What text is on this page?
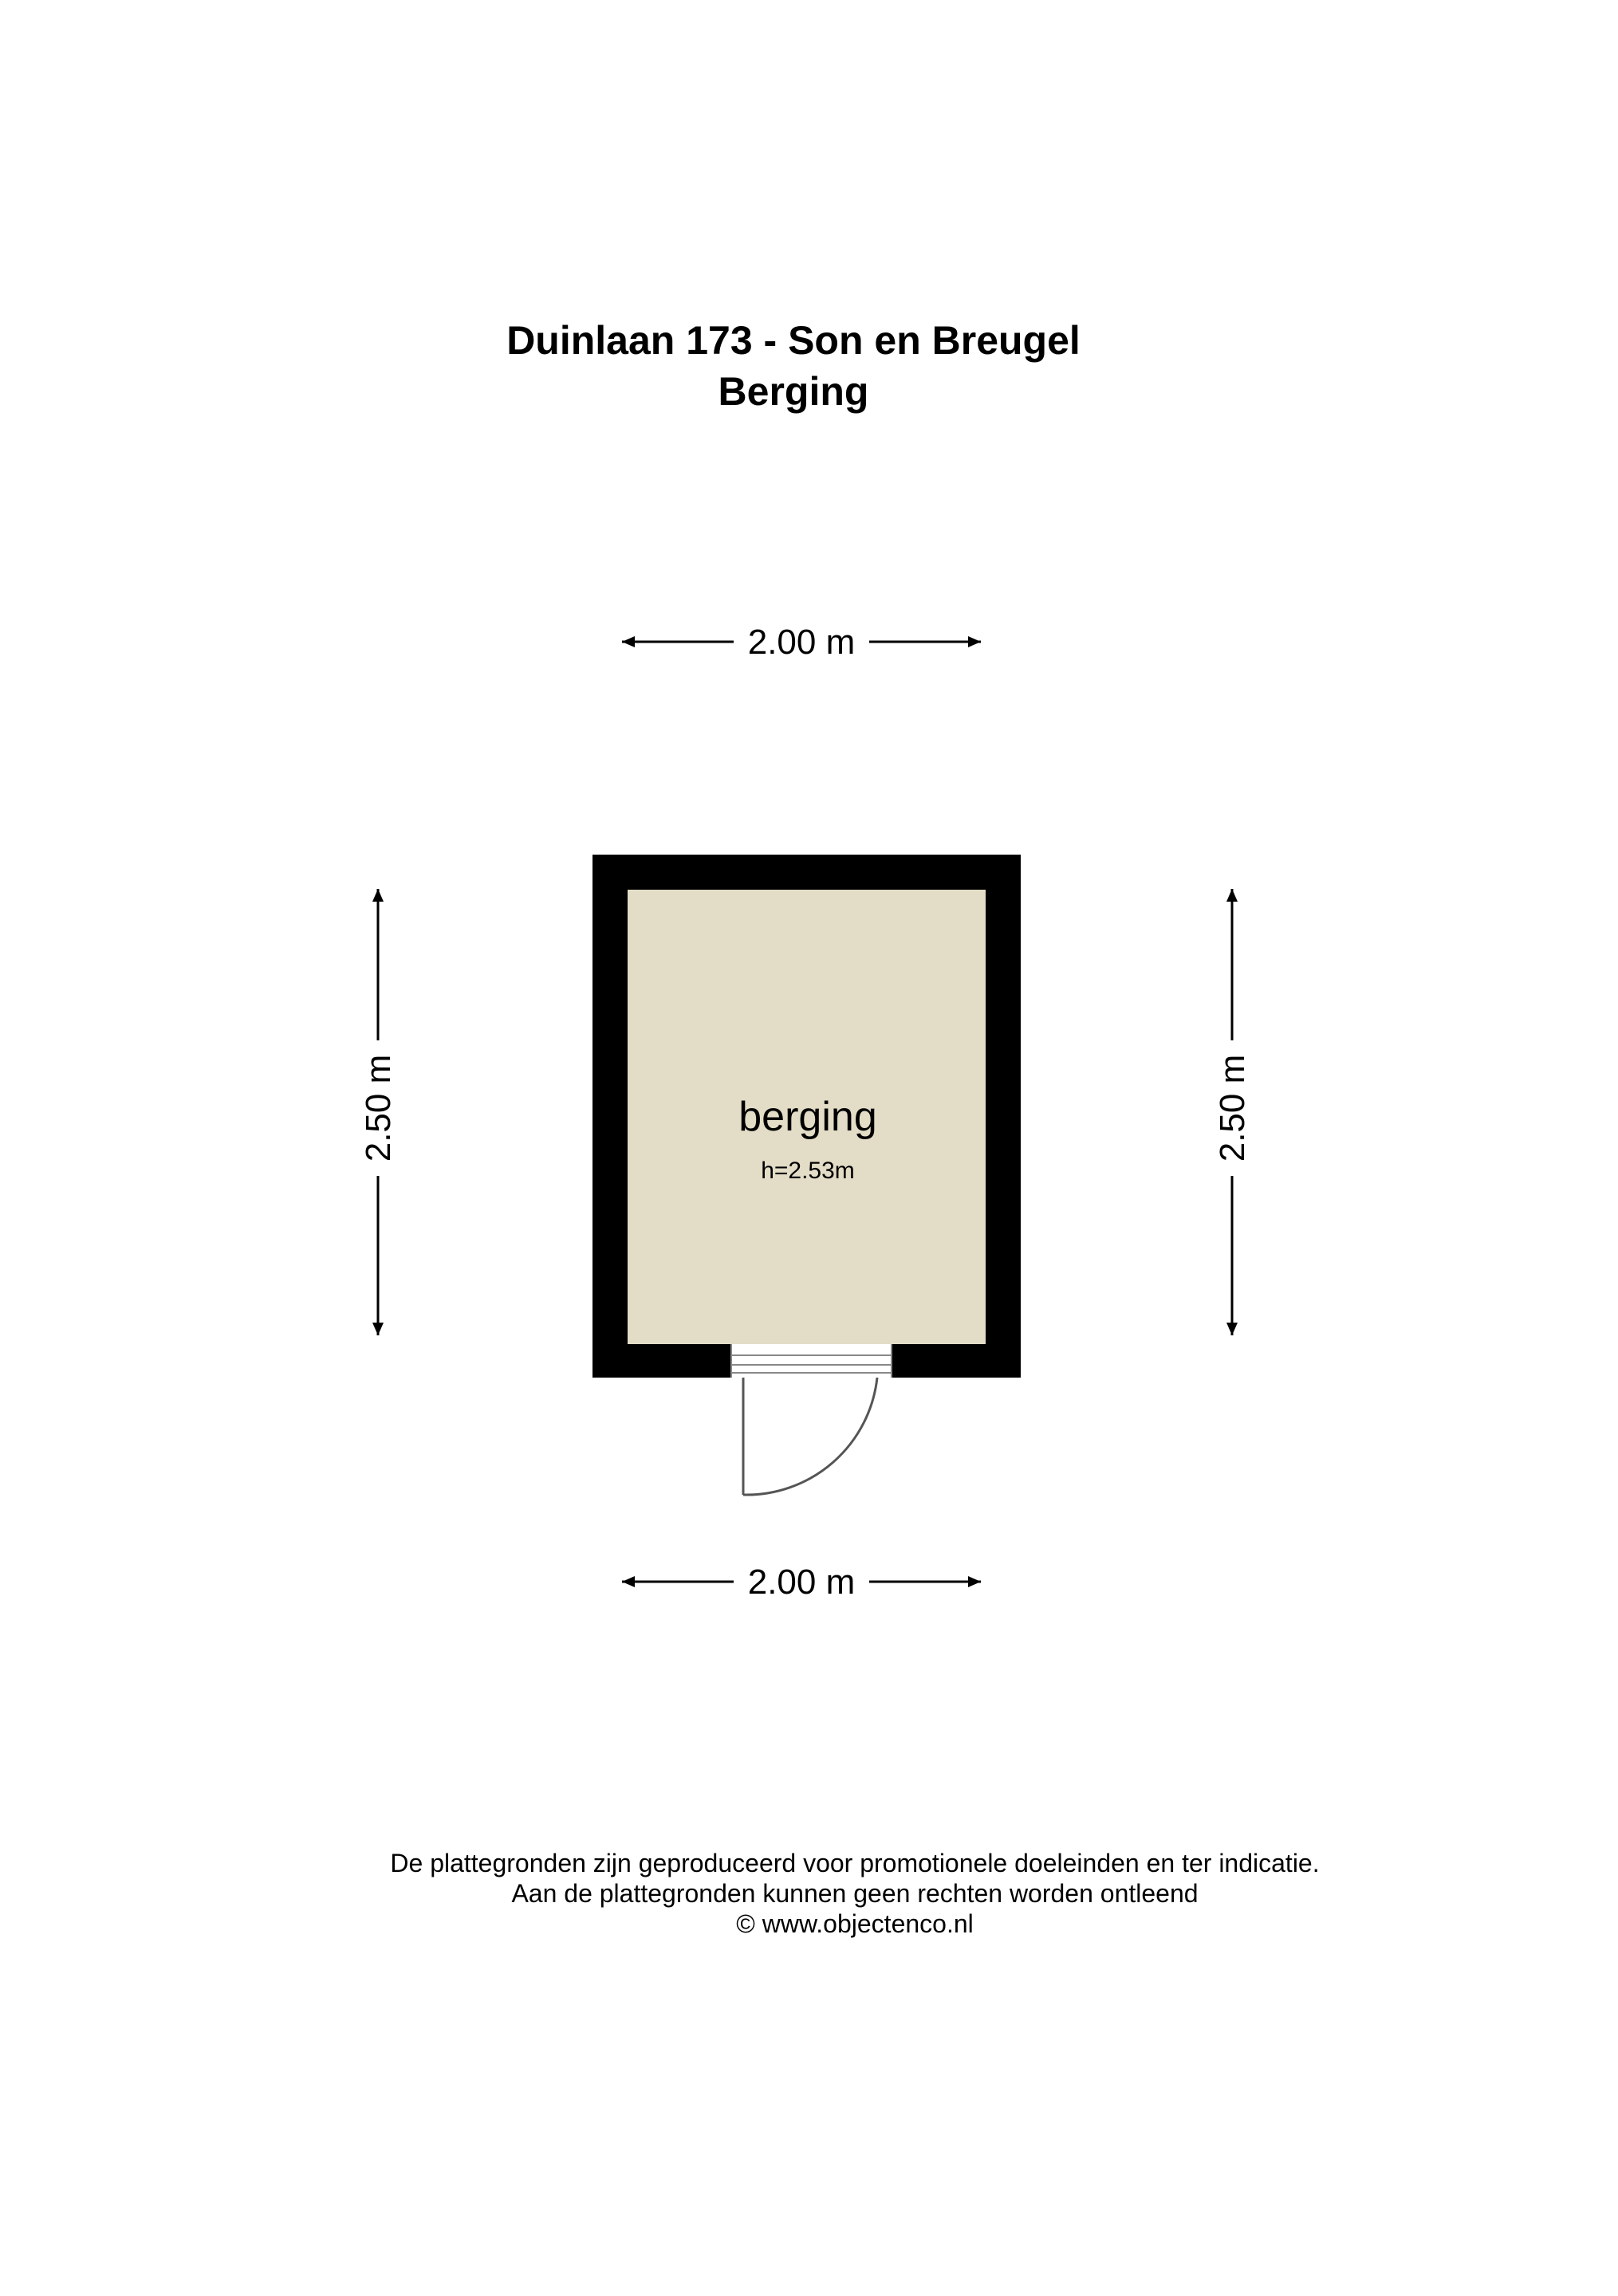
Duinlaan 173 - Son en Breugel
Berging
2.00 m
2.00 m
2.50 m	2.50 m
berging
h=2.53m
De plattegronden zijn geproduceerd voor promotionele doeleinden en ter indicatie.
Aan de plattegronden kunnen geen rechten worden ontleend
© www.objectenco.nl
